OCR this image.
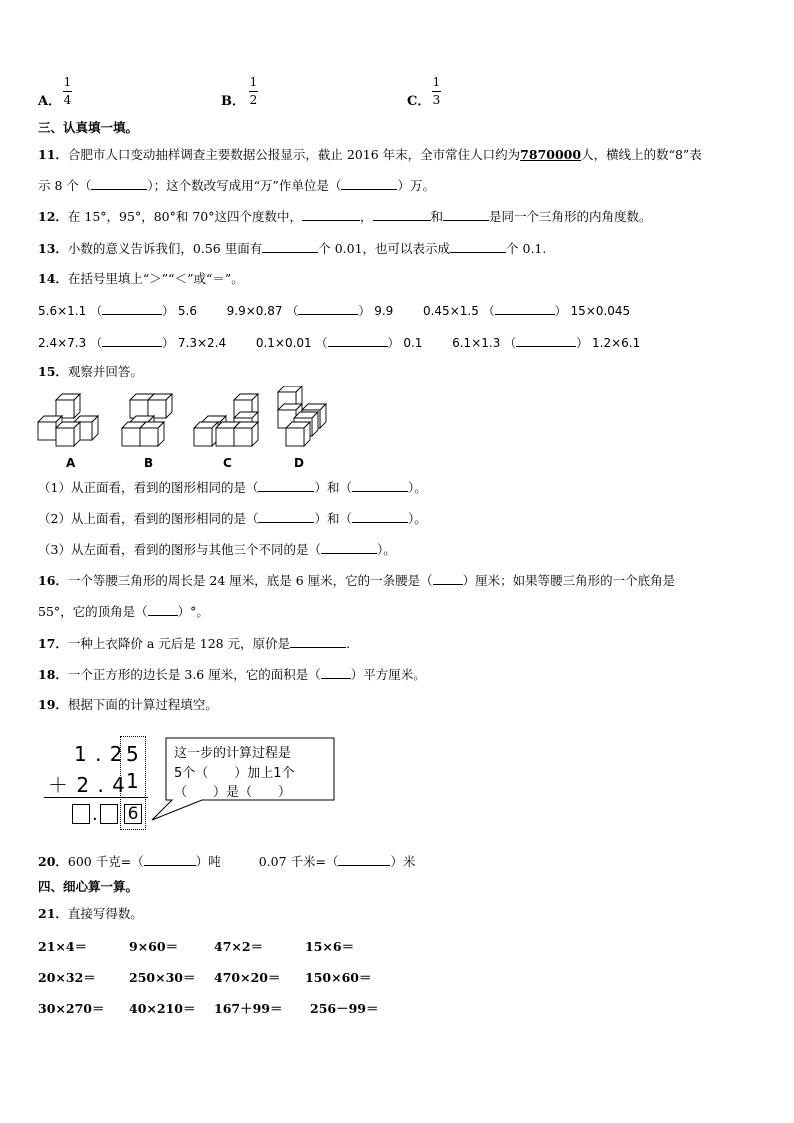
A．
1
4	B．
1
2	C．
1
3
三、认真填一填。
11．合肥市人口变动抽样调查主要数据公报显示，截止 2016 年末，全市常住人口约为7870000人，横线上的数“8”表
示 8 个（	）；这个数改写成用“万”作单位是（	）万。
12．在 15°，95°，80°和 70°这四个度数中，	，	和	是同一个三角形的内角度数。
13．小数的意义告诉我们，0.56 里面有	个 0.01，也可以表示成	个 0.1.
14．在括号里填上“＞”“＜”或“＝”。
5.6×1.1 （	） 5.6 9.9×0.87 （	） 9.9 0.45×1.5 （	） 15×0.045
2.4×7.3 （	） 7.3×2.4 0.1×0.01 （	） 0.1 6.1×1.3 （	） 1.2×6.1
15．观察并回答。
A	B	C	D
（1）从正面看，看到的图形相同的是（	）和（	）。
（2）从上面看，看到的图形相同的是（	）和（	）。
（3）从左面看，看到的图形与其他三个不同的是（	）。
16．一个等腰三角形的周长是 24 厘米，底是 6 厘米，它的一条腰是（ ）厘米；如果等腰三角形的一个底角是
55°，它的顶角是（ ）°。
17．一种上衣降价 a 元后是 128 元，原价是	.
18．一个正方形的边长是 3.6 厘米，它的面积是（ ）平方厘米。
19．根据下面的计算过程填空。
1 . 2 5
＋ 2 . 4 1
. 6
这一步的计算过程是
5个（　　）加上1个
（　　）是（　　）
20．600 千克=（	）吨	0.07 千米=（	）米
四、细心算一算。
21．直接写得数。
21×4＝	9×60＝	47×2＝	15×6＝
20×32＝	250×30＝ 470×20＝ 150×60＝
30×270＝ 40×210＝ 167＋99＝ 256－99＝
